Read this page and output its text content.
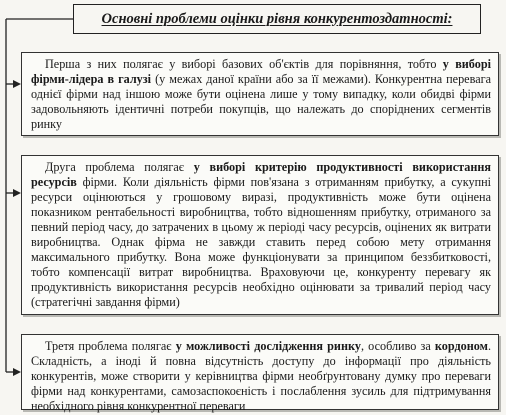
Основні проблеми оцінки рівня конкурентоздатності:

Перша з них полягає у виборі базових об'єктів для порівняння, тобто у виборі фірми-лідера в галузі (у межах даної країни або за її межами). Конкурентна перевага однієї фірми над іншою може бути оцінена лише у тому випадку, коли обидві фірми задовольняють ідентичні потреби покупців, що належать до споріднених сегментів ринку

Друга проблема полягає у виборі критерію продуктивності використання ресурсів фірми. Коли діяльність фірми пов'язана з отриманням прибутку, а сукупні ресурси оцінюються у грошовому виразі, продуктивність може бути оцінена показником рентабельності виробництва, тобто відношенням прибутку, отриманого за певний період часу, до затрачених в цьому ж періоді часу ресурсів, оцінених як витрати виробництва. Однак фірма не завжди ставить перед собою мету отримання максимального прибутку. Вона може функціонувати за принципом беззбитковості, тобто компенсації витрат виробництва. Враховуючи це, конкуренту перевагу як продуктивність використання ресурсів необхідно оцінювати за тривалий період часу (стратегічні завдання фірми)

Третя проблема полягає у можливості дослідження ринку, особливо за кордоном. Складність, а іноді й повна відсутність доступу до інформації про діяльність конкурентів, може створити у керівництва фірми необґрунтовану думку про переваги фірми над конкурентами, самозаспокоєність і послаблення зусиль для підтримування необхідного рівня конкурентної переваги
